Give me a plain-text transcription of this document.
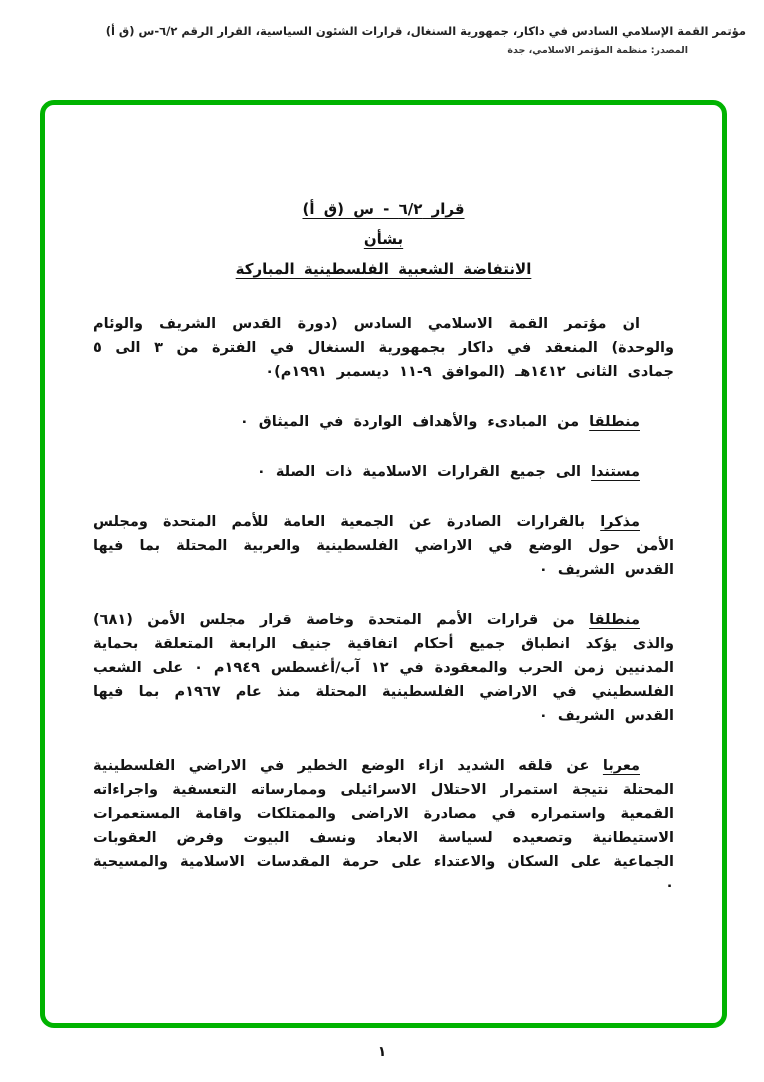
مؤتمر القمة الإسلامي السادس في داكار، جمهورية السنغال، قرارات الشئون السياسية، القرار الرقم ٦/٢-س (ق أ)
المصدر: منظمة المؤتمر الاسلامي، جدة
قرار ٦/٢ - س (ق أ)
بشأن
الانتفاضة الشعبية الفلسطينية المباركة

ان مؤتمر القمة الاسلامي السادس (دورة القدس الشريف والوئام والوحدة) المنعقد في داكار بجمهورية السنغال في الفترة من ٣ الى ٥ جمادى الثانى ١٤١٢هـ (الموافق ٩-١١ ديسمبر ١٩٩١م)٠

منطلقا من المبادىء والأهداف الواردة في الميثاق ٠

مستندا الى جميع القرارات الاسلامية ذات الصلة ٠

مذكرا بالقرارات الصادرة عن الجمعية العامة للأمم المتحدة ومجلس الأمن حول الوضع في الاراضي الفلسطينية والعربية المحتلة بما فيها القدس الشريف ٠

منطلقا من قرارات الأمم المتحدة وخاصة قرار مجلس الأمن (٦٨١) والذى يؤكد انطباق جميع أحكام اتفاقية جنيف الرابعة المتعلقة بحماية المدنيين زمن الحرب والمعقودة في ١٢ آب/أغسطس ١٩٤٩م ٠ على الشعب الفلسطيني في الاراضي الفلسطينية المحتلة منذ عام ١٩٦٧م بما فيها القدس الشريف ٠

معربا عن قلقه الشديد ازاء الوضع الخطير في الاراضي الفلسطينية المحتلة نتيجة استمرار الاحتلال الاسرائيلى وممارساته التعسفية واجراءاته القمعية واستمراره في مصادرة الاراضى والممتلكات واقامة المستعمرات الاستيطانية وتصعيده لسياسة الابعاد ونسف البيوت وفرض العقوبات الجماعية على السكان والاعتداء على حرمة المقدسات الاسلامية والمسيحية ٠

١
